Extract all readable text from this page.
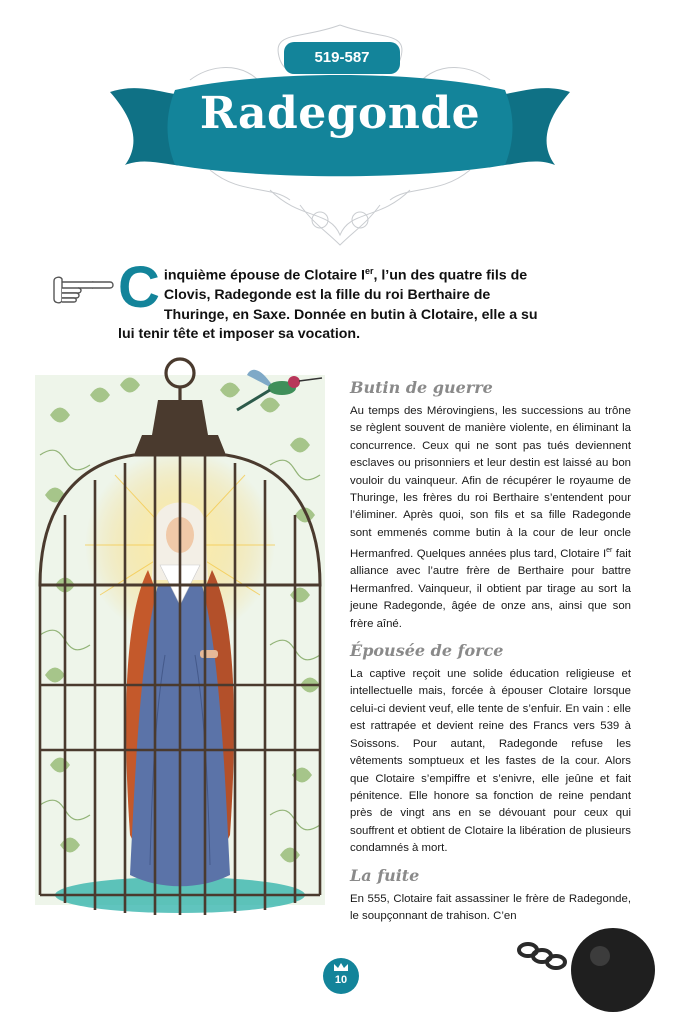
519-587
Radegonde
Cinquième épouse de Clotaire Ier, l’un des quatre fils de Clovis, Radegonde est la fille du roi Berthaire de Thuringe, en Saxe. Donnée en butin à Clotaire, elle a su lui tenir tête et imposer sa vocation.
Butin de guerre

Au temps des Mérovingiens, les successions au trône se règlent souvent de manière violente, en éliminant la concurrence. Ceux qui ne sont pas tués deviennent esclaves ou prisonniers et leur destin est laissé au bon vouloir du vainqueur. Afin de récupérer le royaume de Thuringe, les frères du roi Berthaire s’entendent pour l’éliminer. Après quoi, son fils et sa fille Radegonde sont emmenés comme butin à la cour de leur oncle Hermanfred. Quelques années plus tard, Clotaire Ier fait alliance avec l’autre frère de Berthaire pour battre Hermanfred. Vainqueur, il obtient par tirage au sort la jeune Radegonde, âgée de onze ans, ainsi que son frère aîné.

Épousée de force

La captive reçoit une solide éducation religieuse et intellectuelle mais, forcée à épouser Clotaire lorsque celui-ci devient veuf, elle tente de s’enfuir. En vain : elle est rattrapée et devient reine des Francs vers 539 à Soissons. Pour autant, Radegonde refuse les vêtements somptueux et les fastes de la cour. Alors que Clotaire s’empiffre et s’enivre, elle jeûne et fait pénitence. Elle honore sa fonction de reine pendant près de vingt ans en se dévouant pour ceux qui souffrent et obtient de Clotaire la libération de plusieurs condamnés à mort.

La fuite

En 555, Clotaire fait assassiner le frère de Radegonde, le soupçonnant de trahison. C’en

10
